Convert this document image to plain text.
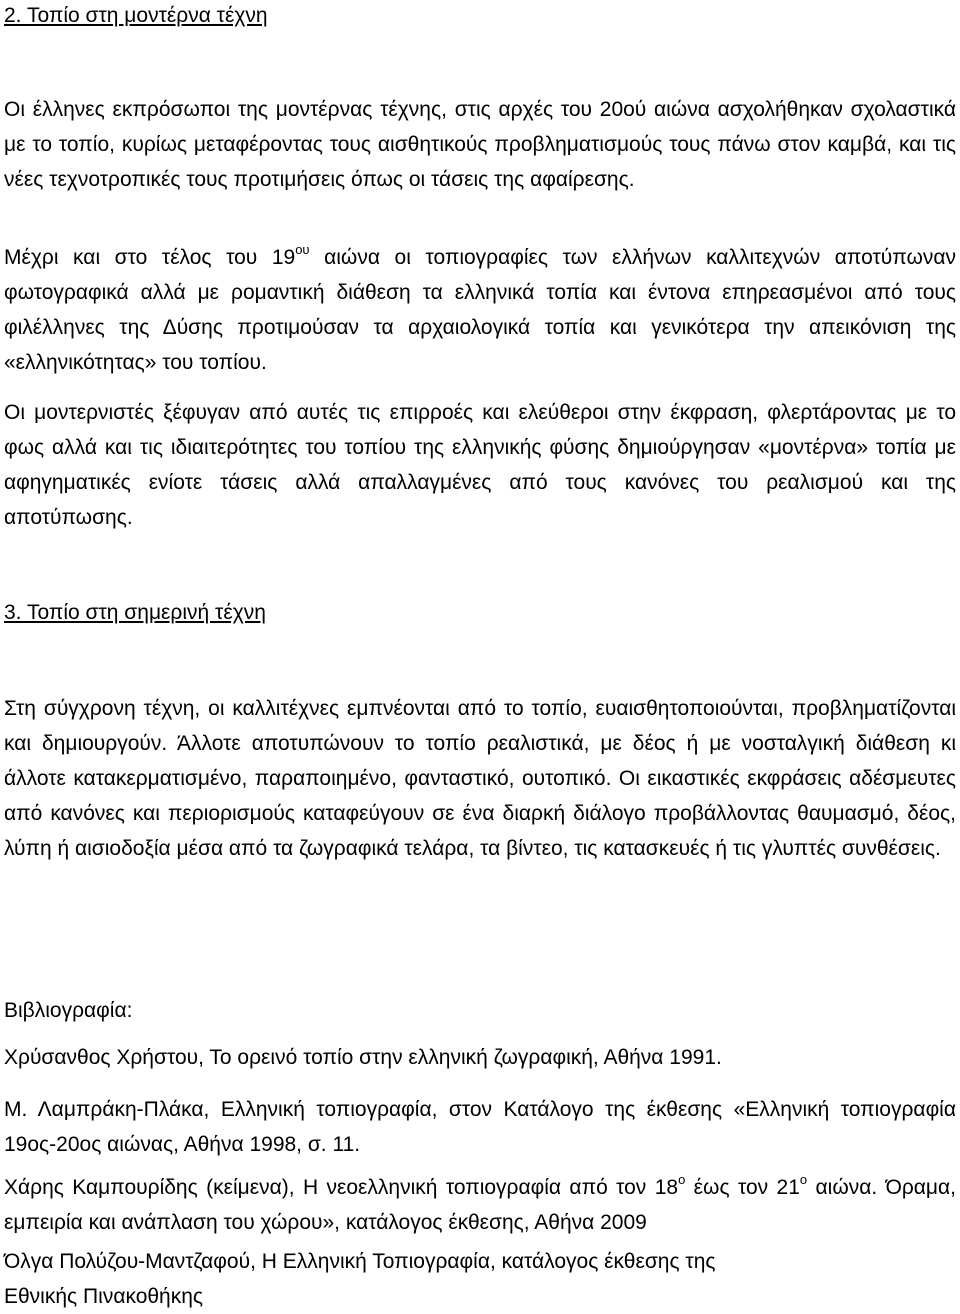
2. Τοπίο στη μοντέρνα τέχνη

Οι έλληνες εκπρόσωποι της μοντέρνας τέχνης, στις αρχές του 20ού αιώνα ασχολήθηκαν σχολαστικά με το τοπίο, κυρίως μεταφέροντας τους αισθητικούς προβληματισμούς τους πάνω στον καμβά, και τις νέες τεχνοτροπικές τους προτιμήσεις όπως οι τάσεις της αφαίρεσης.

Μέχρι και στο τέλος του $19^{o\upsilon}$ αιώνα οι τοπιογραφίες των ελλήνων καλλιτεχνών αποτύπωναν φωτογραφικά αλλά με ρομαντική διάθεση τα ελληνικά τοπία και έντονα επηρεασμένοι από τους φιλέλληνες της Δύσης προτιμούσαν τα αρχαιολογικά τοπία και γενικότερα την απεικόνιση της «ελληνικότητας» του τοπίου.

Οι μοντερνιστές ξέφυγαν από αυτές τις επιρροές και ελεύθεροι στην έκφραση, φλερτάροντας με το φως αλλά και τις ιδιαιτερότητες του τοπίου της ελληνικής φύσης δημιούργησαν «μοντέρνα» τοπία με αφηγηματικές ενίοτε τάσεις αλλά απαλλαγμένες από τους κανόνες του ρεαλισμού και της αποτύπωσης.

3. Τοπίο στη σημερινή τέχνη

Στη σύγχρονη τέχνη, οι καλλιτέχνες εμπνέονται από το τοπίο, ευαισθητοποιούνται, προβληματίζονται και δημιουργούν. Άλλοτε αποτυπώνουν το τοπίο ρεαλιστικά, με δέος ή με νοσταλγική διάθεση κι άλλοτε κατακερματισμένο, παραποιημένο, φανταστικό, ουτοπικό. Οι εικαστικές εκφράσεις αδέσμευτες από κανόνες και περιορισμούς καταφεύγουν σε ένα διαρκή διάλογο προβάλλοντας θαυμασμό, δέος, λύπη ή αισιοδοξία μέσα από τα ζωγραφικά τελάρα, τα βίντεο, τις κατασκευές ή τις γλυπτές συνθέσεις.

Βιβλιογραφία:

Χρύσανθος Χρήστου, Το ορεινό τοπίο στην ελληνική ζωγραφική, Αθήνα 1991.

Μ. Λαμπράκη-Πλάκα, Ελληνική τοπιογραφία, στον Κατάλογο της έκθεσης «Ελληνική τοπιογραφία 19ος-20ος αιώνας, Αθήνα 1998, σ. 11.

Χάρης Καμπουρίδης (κείμενα), Η νεοελληνική τοπιογραφία από τον $18^o$ έως τον $21^o$ αιώνα. Όραμα, εμπειρία και ανάπλαση του χώρου», κατάλογος έκθεσης, Αθήνα 2009

Όλγα Πολύζου-Μαντζαφού, Η Ελληνική Τοπιογραφία, κατάλογος έκθεσης της
Εθνικής Πινακοθήκης
